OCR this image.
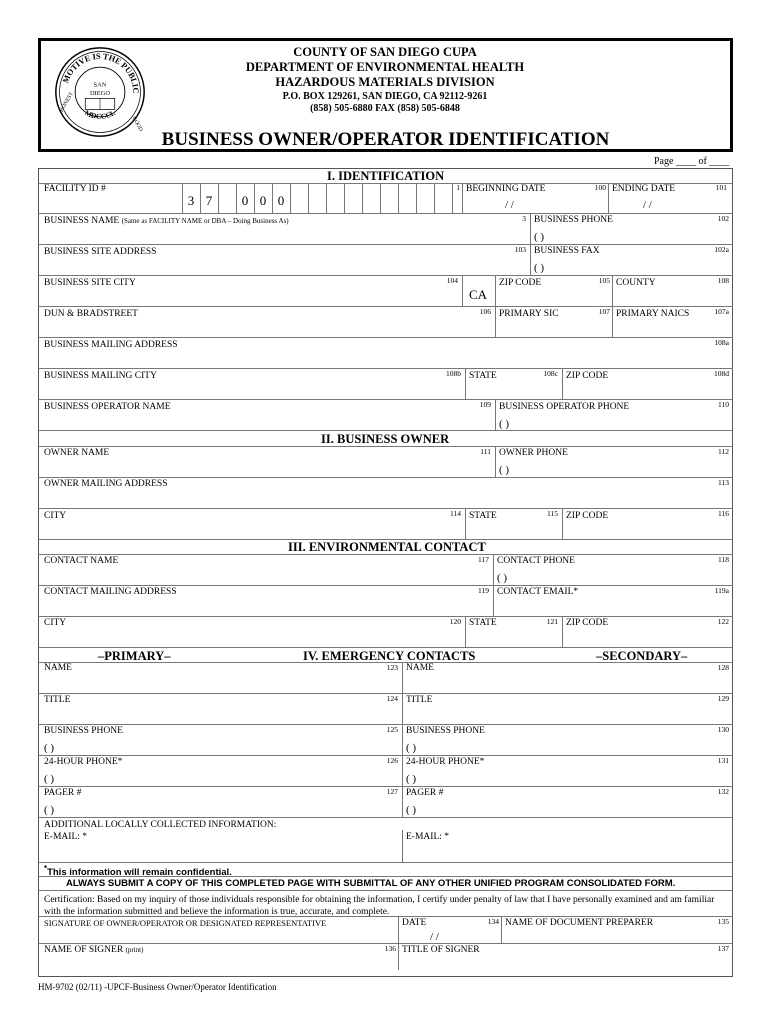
MOTIVE IS THE PUBLIC
MDCCCL
HONEST
GOOD
SAN
DIEGO
COUNTY OF SAN DIEGO CUPA
DEPARTMENT OF ENVIRONMENTAL HEALTH
HAZARDOUS MATERIALS DIVISION
P.O. BOX 129261, SAN DIEGO, CA 92112-9261
(858) 505-6880 FAX (858) 505-6848
BUSINESS OWNER/OPERATOR IDENTIFICATION
Page ____ of ____
I. IDENTIFICATION
FACILITY ID #
3 7 0 0 0
1 BEGINNING DATE	100
/ /
ENDING DATE	101
/ /
BUSINESS NAME (Same as FACILITY NAME or DBA – Doing Business As)	3 BUSINESS PHONE	102
( )
BUSINESS SITE ADDRESS	103 BUSINESS FAX	102a
( )
BUSINESS SITE CITY	104
CA
ZIP CODE	105 COUNTY	108
DUN & BRADSTREET	106 PRIMARY SIC	107 PRIMARY NAICS	107a
BUSINESS MAILING ADDRESS	108a
BUSINESS MAILING CITY	108b STATE	108c ZIP CODE	108d
BUSINESS OPERATOR NAME	109 BUSINESS OPERATOR PHONE	110
( )
II. BUSINESS OWNER
OWNER NAME	111 OWNER PHONE	112
( )
OWNER MAILING ADDRESS	113
CITY	114 STATE	115 ZIP CODE	116
III. ENVIRONMENTAL CONTACT
CONTACT NAME	117 CONTACT PHONE	118
( )
CONTACT MAILING ADDRESS	119 CONTACT EMAIL*	119a
CITY	120 STATE	121 ZIP CODE	122
–PRIMARY–	IV. EMERGENCY CONTACTS	–SECONDARY–
NAME	123 NAME	128
TITLE	124 TITLE	129
BUSINESS PHONE	125
( )
BUSINESS PHONE	130
( )
24-HOUR PHONE*	126
( )
24-HOUR PHONE*	131
( )
PAGER #	127
( )
PAGER #	132
( )
ADDITIONAL LOCALLY COLLECTED INFORMATION:
E-MAIL: *	E-MAIL: *
*This information will remain confidential.
ALWAYS SUBMIT A COPY OF THIS COMPLETED PAGE WITH SUBMITTAL OF ANY OTHER UNIFIED PROGRAM CONSOLIDATED FORM.
Certification: Based on my inquiry of those individuals responsible for obtaining the information, I certify under penalty of law that I have personally examined and am familiar with the information submitted and believe the information is true, accurate, and complete.
SIGNATURE OF OWNER/OPERATOR OR DESIGNATED REPRESENTATIVE	DATE	134
/ /
NAME OF DOCUMENT PREPARER	135
NAME OF SIGNER (print)	136 TITLE OF SIGNER	137
HM-9702 (02/11) -UPCF-Business Owner/Operator Identification
